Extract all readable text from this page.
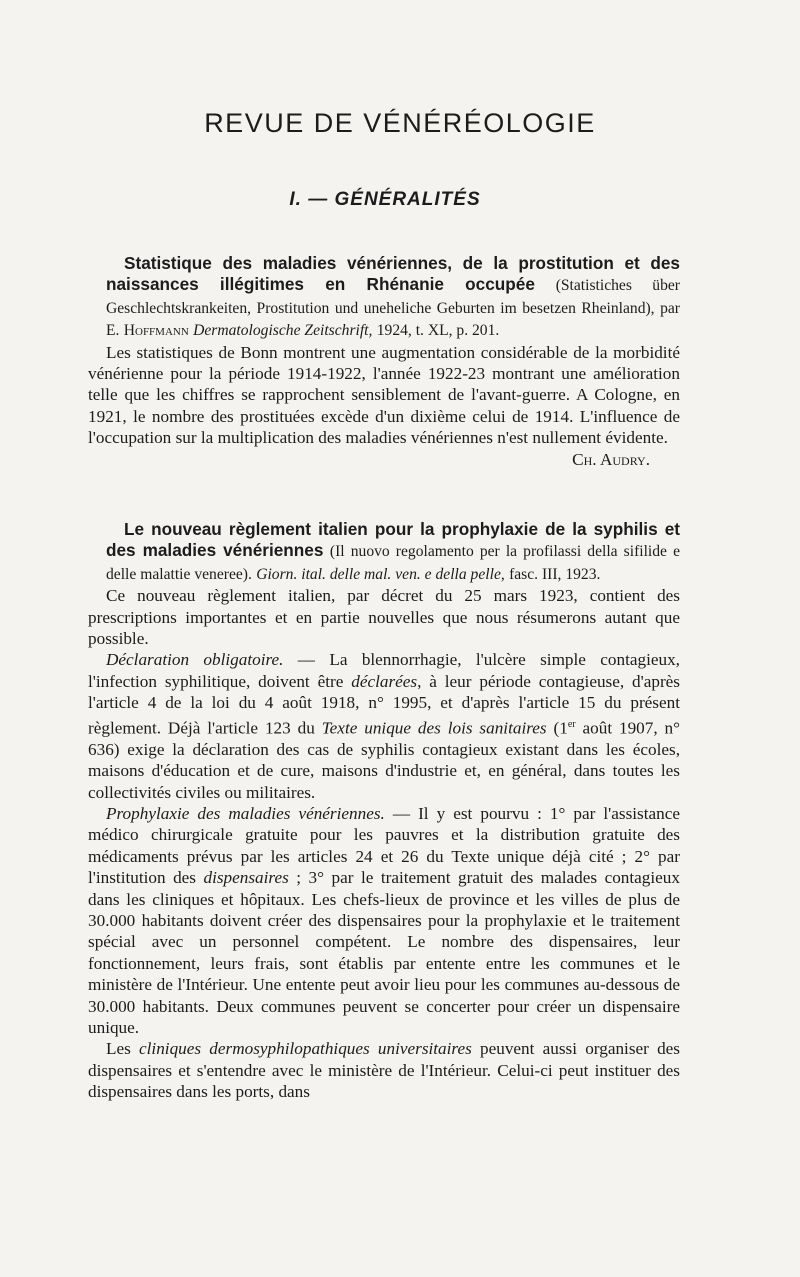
REVUE DE VÉNÉRÉOLOGIE
I. — GÉNÉRALITÉS

Statistique des maladies vénériennes, de la prostitution et des naissances illégitimes en Rhénanie occupée (Statistiches über Geschlechtskrankeiten, Prostitution und uneheliche Geburten im besetzen Rheinland), par E. Hoffmann Dermatologische Zeitschrift, 1924, t. XL, p. 201.

Les statistiques de Bonn montrent une augmentation considérable de la morbidité vénérienne pour la période 1914-1922, l'année 1922-23 montrant une amélioration telle que les chiffres se rapprochent sensiblement de l'avant-guerre. A Cologne, en 1921, le nombre des prostituées excède d'un dixième celui de 1914. L'influence de l'occupation sur la multiplication des maladies vénériennes n'est nullement évidente.

Ch. Audry.

Le nouveau règlement italien pour la prophylaxie de la syphilis et des maladies vénériennes (Il nuovo regolamento per la profilassi della sifilide e delle malattie veneree). Giorn. ital. delle mal. ven. e della pelle, fasc. III, 1923.

Ce nouveau règlement italien, par décret du 25 mars 1923, contient des prescriptions importantes et en partie nouvelles que nous résumerons autant que possible.

Déclaration obligatoire. — La blennorrhagie, l'ulcère simple contagieux, l'infection syphilitique, doivent être déclarées, à leur période contagieuse, d'après l'article 4 de la loi du 4 août 1918, n° 1995, et d'après l'article 15 du présent règlement. Déjà l'article 123 du Texte unique des lois sanitaires (1er août 1907, n° 636) exige la déclaration des cas de syphilis contagieux existant dans les écoles, maisons d'éducation et de cure, maisons d'industrie et, en général, dans toutes les collectivités civiles ou militaires.

Prophylaxie des maladies vénériennes. — Il y est pourvu : 1° par l'assistance médico chirurgicale gratuite pour les pauvres et la distribution gratuite des médicaments prévus par les articles 24 et 26 du Texte unique déjà cité ; 2° par l'institution des dispensaires ; 3° par le traitement gratuit des malades contagieux dans les cliniques et hôpitaux. Les chefs-lieux de province et les villes de plus de 30.000 habitants doivent créer des dispensaires pour la prophylaxie et le traitement spécial avec un personnel compétent. Le nombre des dispensaires, leur fonctionnement, leurs frais, sont établis par entente entre les communes et le ministère de l'Intérieur. Une entente peut avoir lieu pour les communes au-dessous de 30.000 habitants. Deux communes peuvent se concerter pour créer un dispensaire unique.

Les cliniques dermosyphilopathiques universitaires peuvent aussi organiser des dispensaires et s'entendre avec le ministère de l'Intérieur. Celui-ci peut instituer des dispensaires dans les ports, dans
